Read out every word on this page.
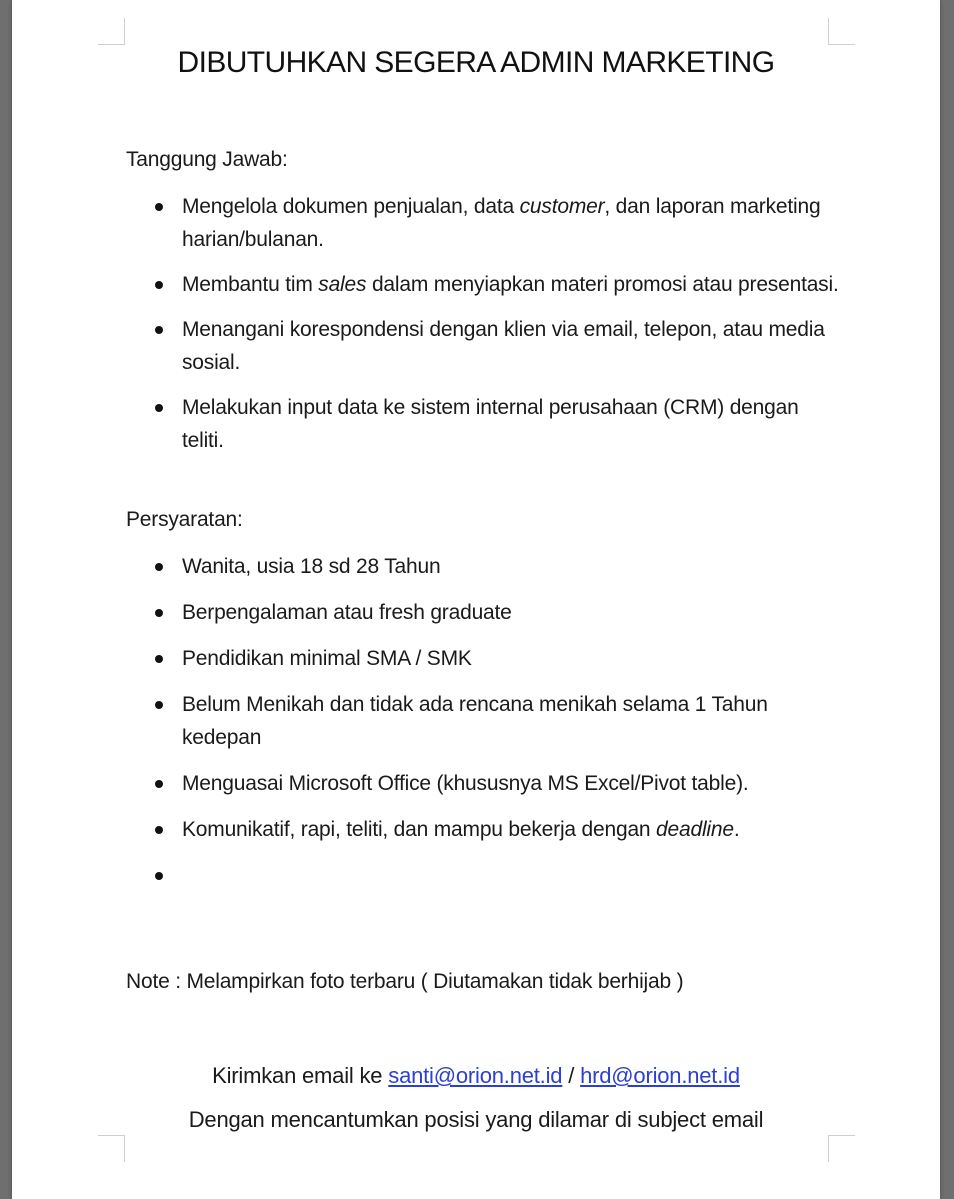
DIBUTUHKAN SEGERA ADMIN MARKETING
Tanggung Jawab:
Mengelola dokumen penjualan, data customer, dan laporan marketing harian/bulanan.
Membantu tim sales dalam menyiapkan materi promosi atau presentasi.
Menangani korespondensi dengan klien via email, telepon, atau media sosial.
Melakukan input data ke sistem internal perusahaan (CRM) dengan teliti.
Persyaratan:
Wanita, usia 18 sd 28 Tahun
Berpengalaman atau fresh graduate
Pendidikan minimal SMA / SMK
Belum Menikah dan tidak ada rencana menikah selama 1 Tahun kedepan
Menguasai Microsoft Office (khususnya MS Excel/Pivot table).
Komunikatif, rapi, teliti, dan mampu bekerja dengan deadline.
Note : Melampirkan foto terbaru ( Diutamakan tidak berhijab )
Kirimkan email ke santi@orion.net.id / hrd@orion.net.id
Dengan mencantumkan posisi yang dilamar di subject email
